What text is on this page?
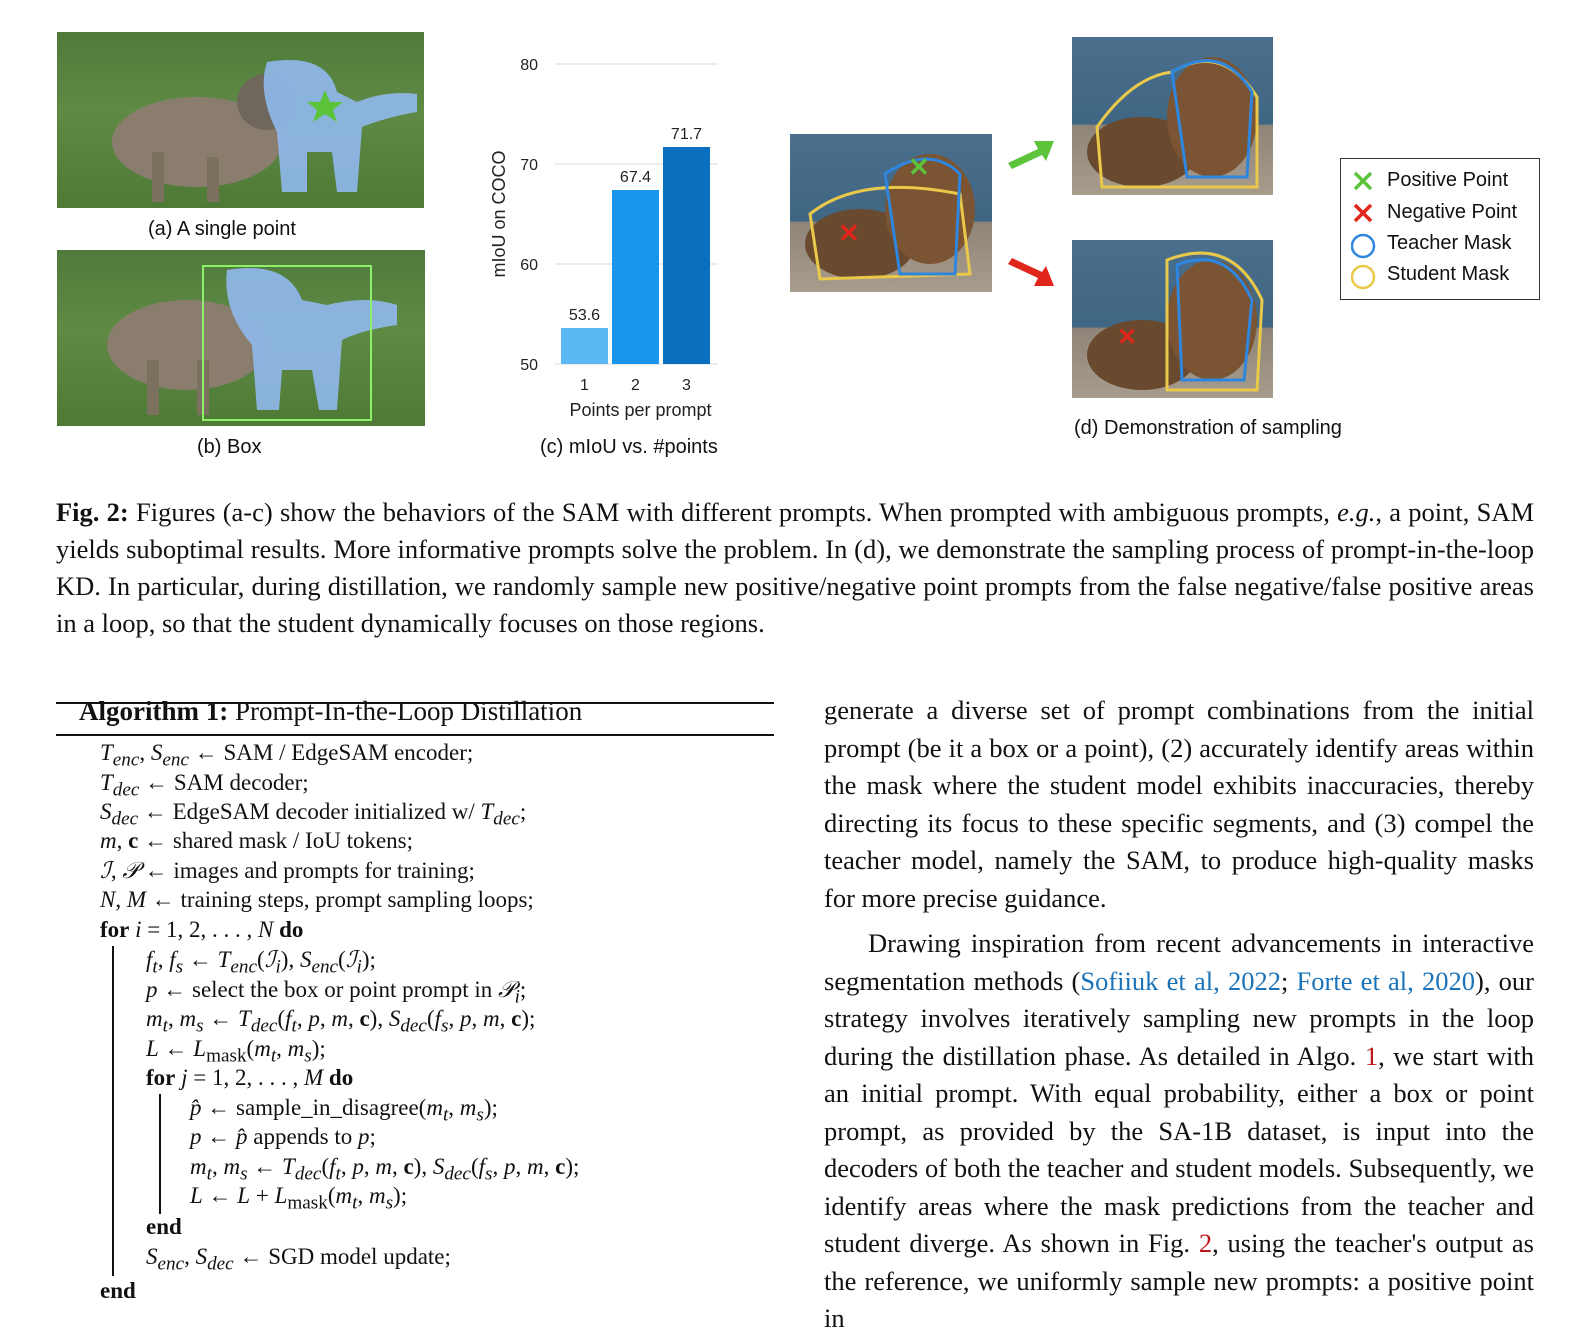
(a) A single point
(b) Box
50
60
70
80
53.6
1
67.4
2
71.7
3
Points per prompt
mIoU on COCO
(c) mIoU vs. #points
✕
✕
✕
Positive Point
Negative Point
Teacher Mask
Student Mask
(d) Demonstration of sampling
Fig. 2: Figures (a-c) show the behaviors of the SAM with different prompts. When prompted with ambiguous prompts, e.g., a point, SAM yields suboptimal results. More informative prompts solve the problem. In (d), we demonstrate the sampling process of prompt-in-the-loop KD. In particular, during distillation, we randomly sample new positive/negative point prompts from the false negative/false positive areas in a loop, so that the student dynamically focuses on those regions.
Algorithm 1: Prompt-In-the-Loop Distillation
$T_{enc}$, $S_{enc}$ ← SAM / EdgeSAM encoder;
$T_{dec}$ ← SAM decoder;
$S_{dec}$ ← EdgeSAM decoder initialized w/ $T_{dec}$;
m, c ← shared mask / IoU tokens;
ℐ, 𝒫 ← images and prompts for training;
N, M ← training steps, prompt sampling loops;
for i = 1, 2, . . . , N do
$f_t$, $f_s$ ← $T_{enc}(ℐ_i)$, $S_{enc}(ℐ_i)$;
p ← select the box or point prompt in 𝒫$_i$;
$m_t$, $m_s$ ← $T_{dec}(f_t$, p, m, c), $S_{dec}(f_s$, p, m, c);
L ← $L_{mask}(m_t$, $m_s$);
for j = 1, 2, . . . , M do
p̂ ← $sample\_in\_disagree(m_t$, $m_s$);
p ← p̂ appends to p;
$m_t$, $m_s$ ← $T_{dec}(f_t$, p, m, c), $S_{dec}(f_s$, p, m, c);
L ← $L + L_{mask}(m_t$, $m_s$);
end
$S_{enc}$, $S_{dec}$ ← SGD model update;
end

generate a diverse set of prompt combinations from the initial prompt (be it a box or a point), (2) accurately identify areas within the mask where the student model exhibits inaccuracies, thereby directing its focus to these specific segments, and (3) compel the teacher model, namely the SAM, to produce high-quality masks for more precise guidance.

Drawing inspiration from recent advancements in interactive segmentation methods (Sofiiuk et al, 2022; Forte et al, 2020), our strategy involves iteratively sampling new prompts in the loop during the distillation phase. As detailed in Algo. 1, we start with an initial prompt. With equal probability, either a box or point prompt, as provided by the SA-1B dataset, is input into the decoders of both the teacher and student models. Subsequently, we identify areas where the mask predictions from the teacher and student diverge. As shown in Fig. 2, using the teacher's output as the reference, we uniformly sample new prompts: a positive point in
